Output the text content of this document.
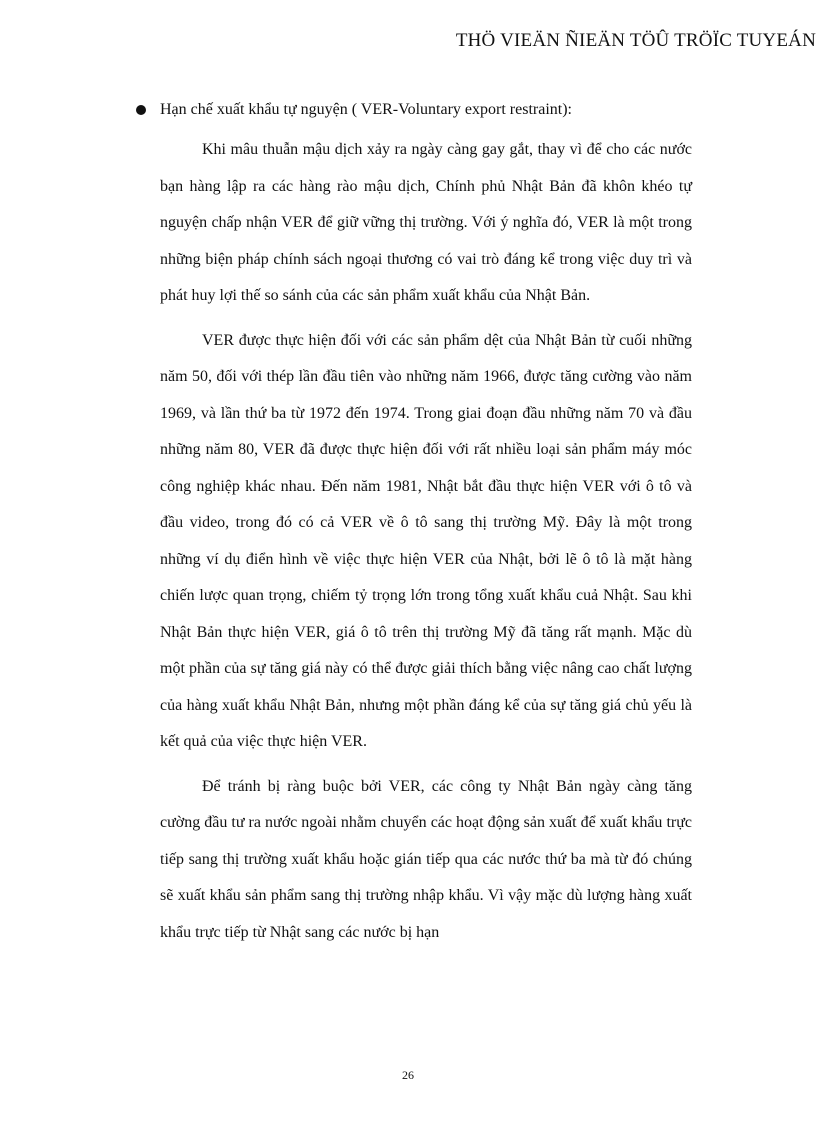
THÖ VIEÄN ÑIEÄN TÖÛ TRÖÏC TUYEÁN
Hạn chế xuất khẩu tự nguyện ( VER-Voluntary export restraint):

Khi mâu thuẫn mậu dịch xảy ra ngày càng gay gắt, thay vì để cho các nước bạn hàng lập ra các hàng rào mậu dịch, Chính phủ Nhật Bản đã khôn khéo tự nguyện chấp nhận VER để giữ vững thị trường. Với ý nghĩa đó, VER là một trong những biện pháp chính sách ngoại thương có vai trò đáng kể trong việc duy trì và phát huy lợi thế so sánh của các sản phẩm xuất khẩu của Nhật Bản.

VER được thực hiện đối với các sản phẩm dệt của Nhật Bản từ cuối những năm 50, đối với thép lần đầu tiên vào những năm 1966, được tăng cường vào năm 1969, và lần thứ ba từ 1972 đến 1974. Trong giai đoạn đầu những năm 70 và đầu những năm 80, VER đã được thực hiện đối với rất nhiều loại sản phẩm máy móc công nghiệp khác nhau. Đến năm 1981, Nhật bắt đầu thực hiện VER với ô tô và đầu video, trong đó có cả VER về ô tô sang thị trường Mỹ. Đây là một trong những ví dụ điển hình về việc thực hiện VER của Nhật, bởi lẽ ô tô là mặt hàng chiến lược quan trọng, chiếm tỷ trọng lớn trong tổng xuất khẩu cuả Nhật. Sau khi Nhật Bản thực hiện VER, giá ô tô trên thị trường Mỹ đã tăng rất mạnh. Mặc dù một phần của sự tăng giá này có thể được giải thích bằng việc nâng cao chất lượng của hàng xuất khẩu Nhật Bản, nhưng một phần đáng kể của sự tăng giá chủ yếu là kết quả của việc thực hiện VER.

Để tránh bị ràng buộc bởi VER, các công ty Nhật Bản ngày càng tăng cường đầu tư ra nước ngoài nhằm chuyển các hoạt động sản xuất để xuất khẩu trực tiếp sang thị trường xuất khẩu hoặc gián tiếp qua các nước thứ ba mà từ đó chúng sẽ xuất khẩu sản phẩm sang thị trường nhập khẩu. Vì vậy mặc dù lượng hàng xuất khẩu trực tiếp từ Nhật sang các nước bị hạn

26
